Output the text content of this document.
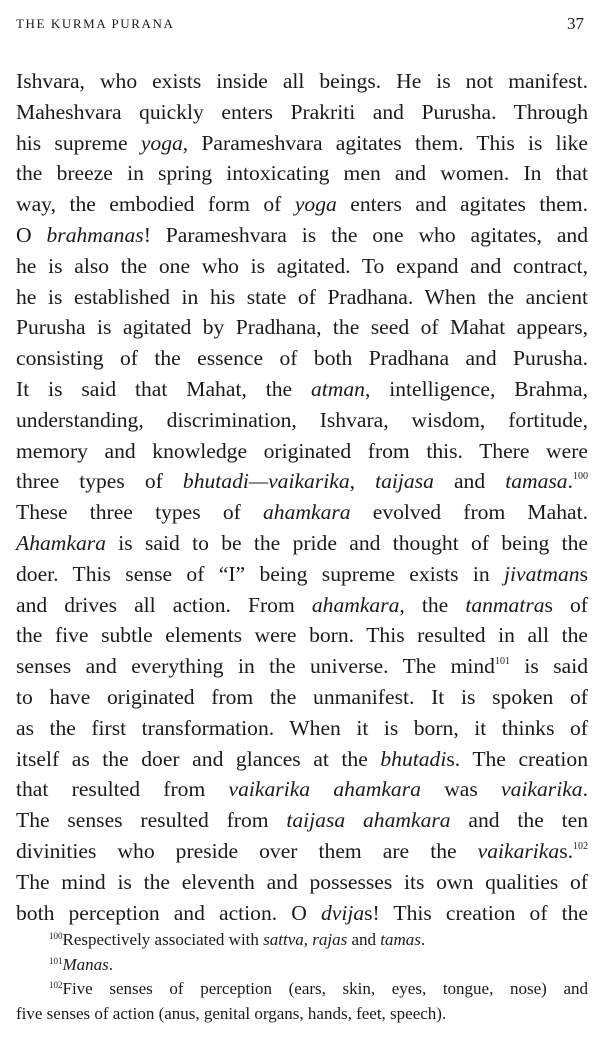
THE KURMA PURANA	37
Ishvara, who exists inside all beings. He is not manifest.
Maheshvara quickly enters Prakriti and Purusha. Through
his supreme yoga, Parameshvara agitates them. This is like
the breeze in spring intoxicating men and women. In that
way, the embodied form of yoga enters and agitates them.
O brahmanas! Parameshvara is the one who agitates, and
he is also the one who is agitated. To expand and contract,
he is established in his state of Pradhana. When the ancient
Purusha is agitated by Pradhana, the seed of Mahat appears,
consisting of the essence of both Pradhana and Purusha.
It is said that Mahat, the atman, intelligence, Brahma,
understanding, discrimination, Ishvara, wisdom, fortitude,
memory and knowledge originated from this. There were
three types of bhutadi—vaikarika, taijasa and tamasa.$^{100}$
These three types of ahamkara evolved from Mahat.
Ahamkara is said to be the pride and thought of being the
doer. This sense of “I” being supreme exists in jivatmans
and drives all action. From ahamkara, the tanmatras of
the five subtle elements were born. This resulted in all the
senses and everything in the universe. The mind$^{101}$ is said
to have originated from the unmanifest. It is spoken of
as the first transformation. When it is born, it thinks of
itself as the doer and glances at the bhutadis. The creation
that resulted from vaikarika ahamkara was vaikarika.
The senses resulted from taijasa ahamkara and the ten
divinities who preside over them are the vaikarikas.$^{102}$
The mind is the eleventh and possesses its own qualities of
both perception and action. O dvijas! This creation of the
$^{100}$Respectively associated with sattva, rajas and tamas.
$^{101}$Manas.
$^{102}$Five senses of perception (ears, skin, eyes, tongue, nose) and
five senses of action (anus, genital organs, hands, feet, speech).
